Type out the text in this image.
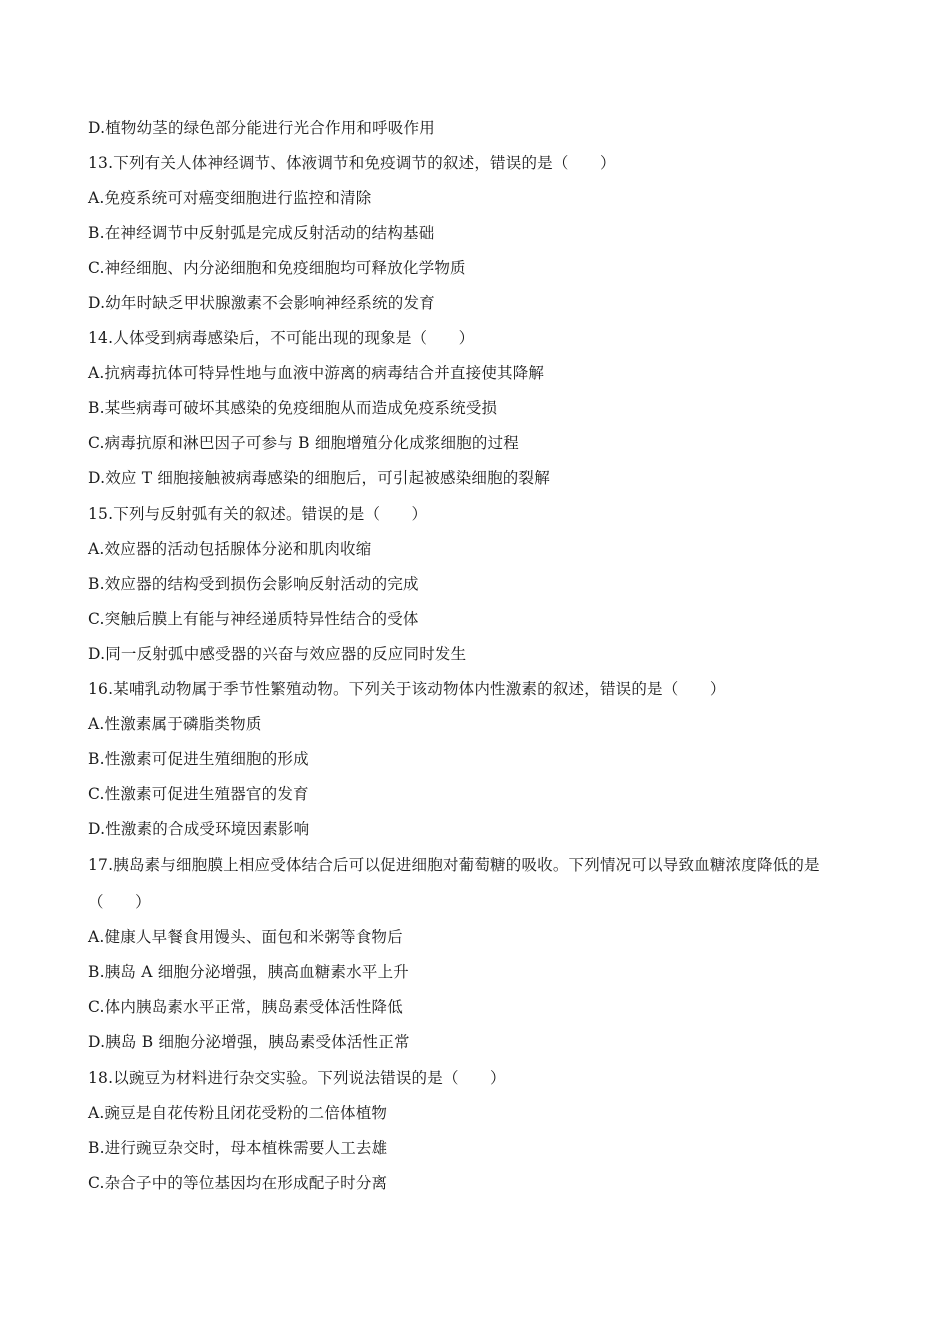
D.植物幼茎的绿色部分能进行光合作用和呼吸作用
13.下列有关人体神经调节、体液调节和免疫调节的叙述，错误的是（　　）
A.免疫系统可对癌变细胞进行监控和清除
B.在神经调节中反射弧是完成反射活动的结构基础
C.神经细胞、内分泌细胞和免疫细胞均可释放化学物质
D.幼年时缺乏甲状腺激素不会影响神经系统的发育
14.人体受到病毒感染后，不可能出现的现象是（　　）
A.抗病毒抗体可特异性地与血液中游离的病毒结合并直接使其降解
B.某些病毒可破坏其感染的免疫细胞从而造成免疫系统受损
C.病毒抗原和淋巴因子可参与 B 细胞增殖分化成浆细胞的过程
D.效应 T 细胞接触被病毒感染的细胞后，可引起被感染细胞的裂解
15.下列与反射弧有关的叙述。错误的是（　　）
A.效应器的活动包括腺体分泌和肌肉收缩
B.效应器的结构受到损伤会影响反射活动的完成
C.突触后膜上有能与神经递质特异性结合的受体
D.同一反射弧中感受器的兴奋与效应器的反应同时发生
16.某哺乳动物属于季节性繁殖动物。下列关于该动物体内性激素的叙述，错误的是（　　）
A.性激素属于磷脂类物质
B.性激素可促进生殖细胞的形成
C.性激素可促进生殖器官的发育
D.性激素的合成受环境因素影响
17.胰岛素与细胞膜上相应受体结合后可以促进细胞对葡萄糖的吸收。下列情况可以导致血糖浓度降低的是
（　　）
A.健康人早餐食用馒头、面包和米粥等食物后
B.胰岛 A 细胞分泌增强，胰高血糖素水平上升
C.体内胰岛素水平正常，胰岛素受体活性降低
D.胰岛 B 细胞分泌增强，胰岛素受体活性正常
18.以豌豆为材料进行杂交实验。下列说法错误的是（　　）
A.豌豆是自花传粉且闭花受粉的二倍体植物
B.进行豌豆杂交时，母本植株需要人工去雄
C.杂合子中的等位基因均在形成配子时分离
